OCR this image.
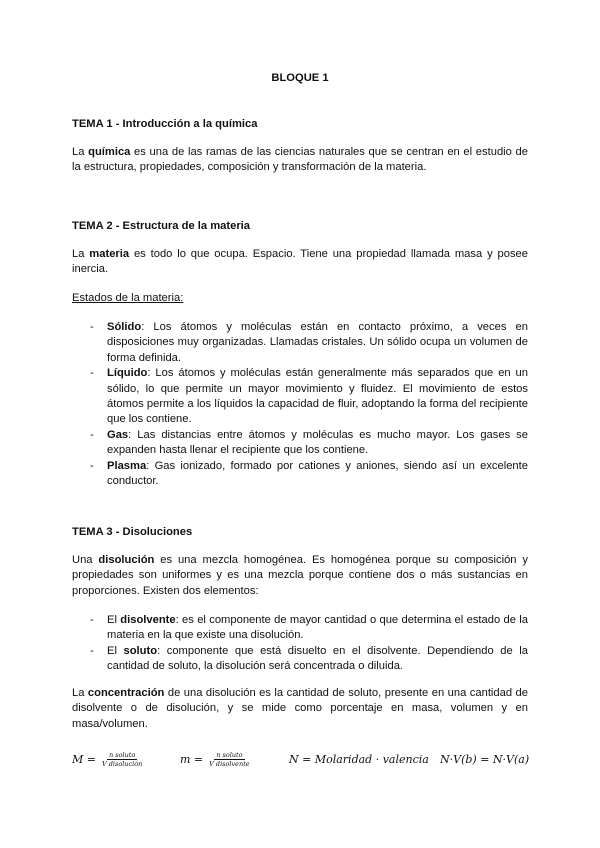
BLOQUE 1
TEMA 1 - Introducción a la química
La química es una de las ramas de las ciencias naturales que se centran en el estudio de la estructura, propiedades, composición y transformación de la materia.
TEMA 2 - Estructura de la materia
La materia es todo lo que ocupa. Espacio. Tiene una propiedad llamada masa y posee inercia.
Estados de la materia:
- Sólido: Los átomos y moléculas están en contacto próximo, a veces en disposiciones muy organizadas. Llamadas cristales. Un sólido ocupa un volumen de forma definida.
- Líquido: Los átomos y moléculas están generalmente más separados que en un sólido, lo que permite un mayor movimiento y fluidez. El movimiento de estos átomos permite a los líquidos la capacidad de fluir, adoptando la forma del recipiente que los contiene.
- Gas: Las distancias entre átomos y moléculas es mucho mayor. Los gases se expanden hasta llenar el recipiente que los contiene.
- Plasma: Gas ionizado, formado por cationes y aniones, siendo así un excelente conductor.
TEMA 3 - Disoluciones
Una disolución es una mezcla homogénea. Es homogénea porque su composición y propiedades son uniformes y es una mezcla porque contiene dos o más sustancias en proporciones. Existen dos elementos:
- El disolvente: es el componente de mayor cantidad o que determina el estado de la materia en la que existe una disolución.
- El soluto: componente que está disuelto en el disolvente. Dependiendo de la cantidad de soluto, la disolución será concentrada o diluida.
La concentración de una disolución es la cantidad de soluto, presente en una cantidad de disolvente o de disolución, y se mide como porcentaje en masa, volumen y en masa/volumen.
$M = \frac{\text{n soluto}}{\text{V disolución}}$	$m = \frac{\text{n soluto}}{\text{V disolvente}}$	N = Molaridad · valencia N·V(b) = N·V(a)
